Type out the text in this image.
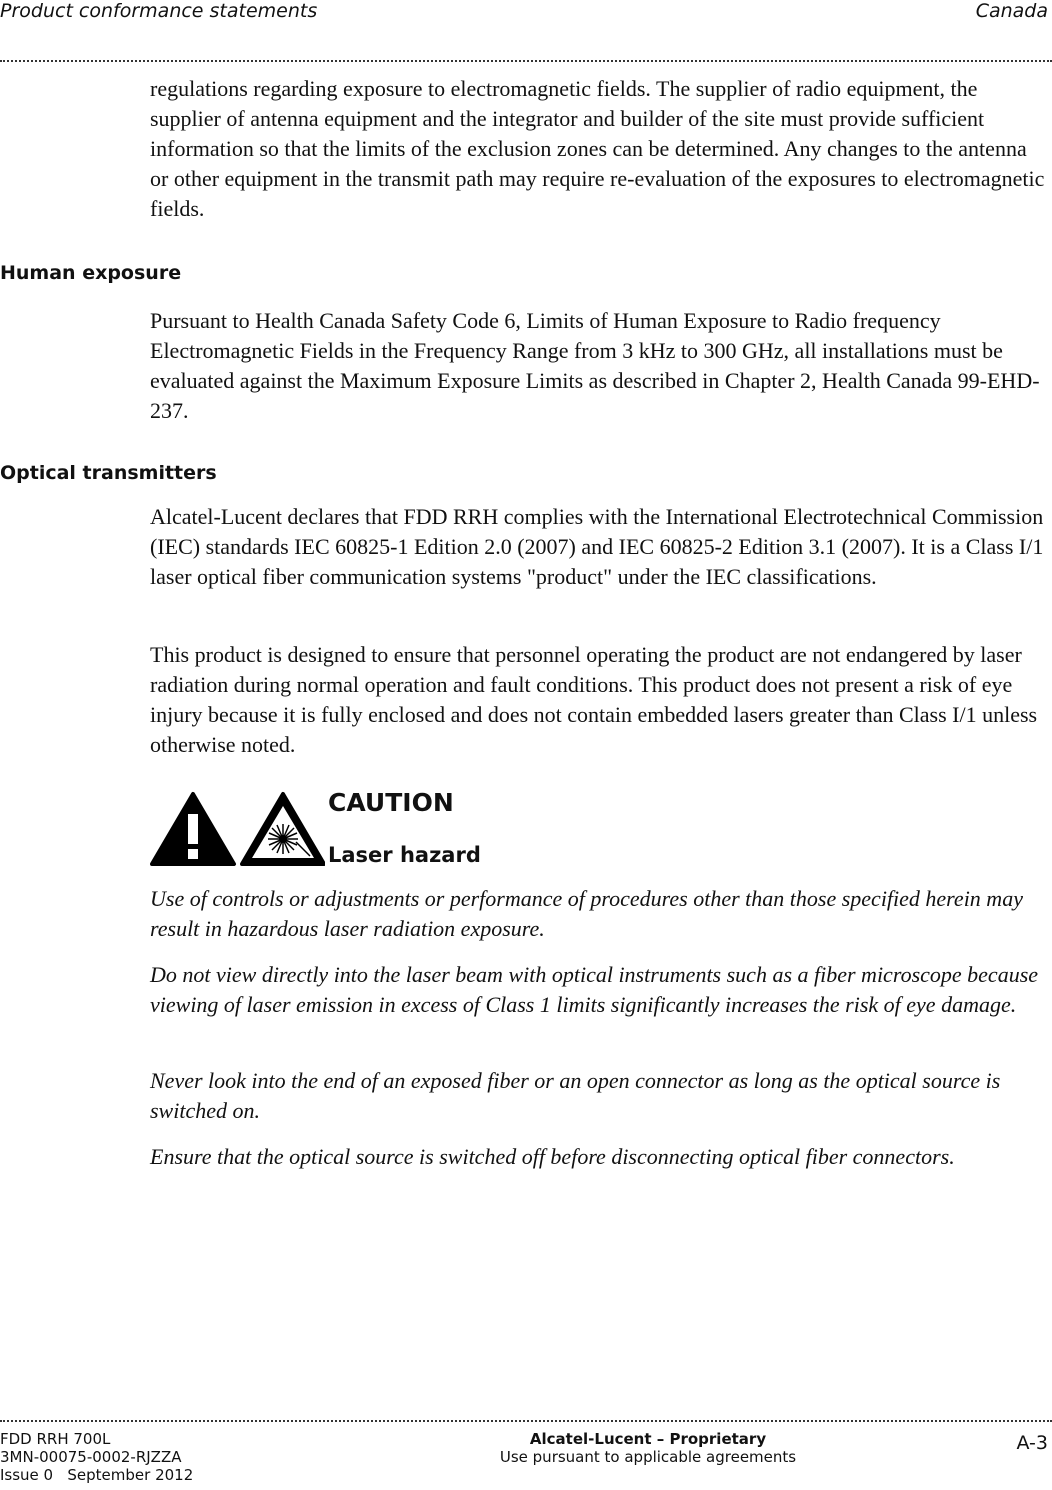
Product conformance statements	Canada

regulations regarding exposure to electromagnetic fields. The supplier of radio equipment, the supplier of antenna equipment and the integrator and builder of the site must provide sufficient information so that the limits of the exclusion zones can be determined. Any changes to the antenna or other equipment in the transmit path may require re-evaluation of the exposures to electromagnetic fields.

Human exposure

Pursuant to Health Canada Safety Code 6, Limits of Human Exposure to Radio frequency Electromagnetic Fields in the Frequency Range from 3 kHz to 300 GHz, all installations must be evaluated against the Maximum Exposure Limits as described in Chapter 2, Health Canada 99-EHD-237.

Optical transmitters

Alcatel-Lucent declares that FDD RRH complies with the International Electrotechnical Commission (IEC) standards IEC 60825-1 Edition 2.0 (2007) and IEC 60825-2 Edition 3.1 (2007). It is a Class I/1 laser optical fiber communication systems "product" under the IEC classifications.

This product is designed to ensure that personnel operating the product are not endangered by laser radiation during normal operation and fault conditions. This product does not present a risk of eye injury because it is fully enclosed and does not contain embedded lasers greater than Class I/1 unless otherwise noted.

CAUTION
Laser hazard

Use of controls or adjustments or performance of procedures other than those specified herein may result in hazardous laser radiation exposure.

Do not view directly into the laser beam with optical instruments such as a fiber microscope because viewing of laser emission in excess of Class 1 limits significantly increases the risk of eye damage.

Never look into the end of an exposed fiber or an open connector as long as the optical source is switched on.

Ensure that the optical source is switched off before disconnecting optical fiber connectors.

FDD RRH 700L
3MN-00075-0002-RJZZA
Issue 0   September 2012
Alcatel-Lucent – Proprietary
Use pursuant to applicable agreements
A-3
